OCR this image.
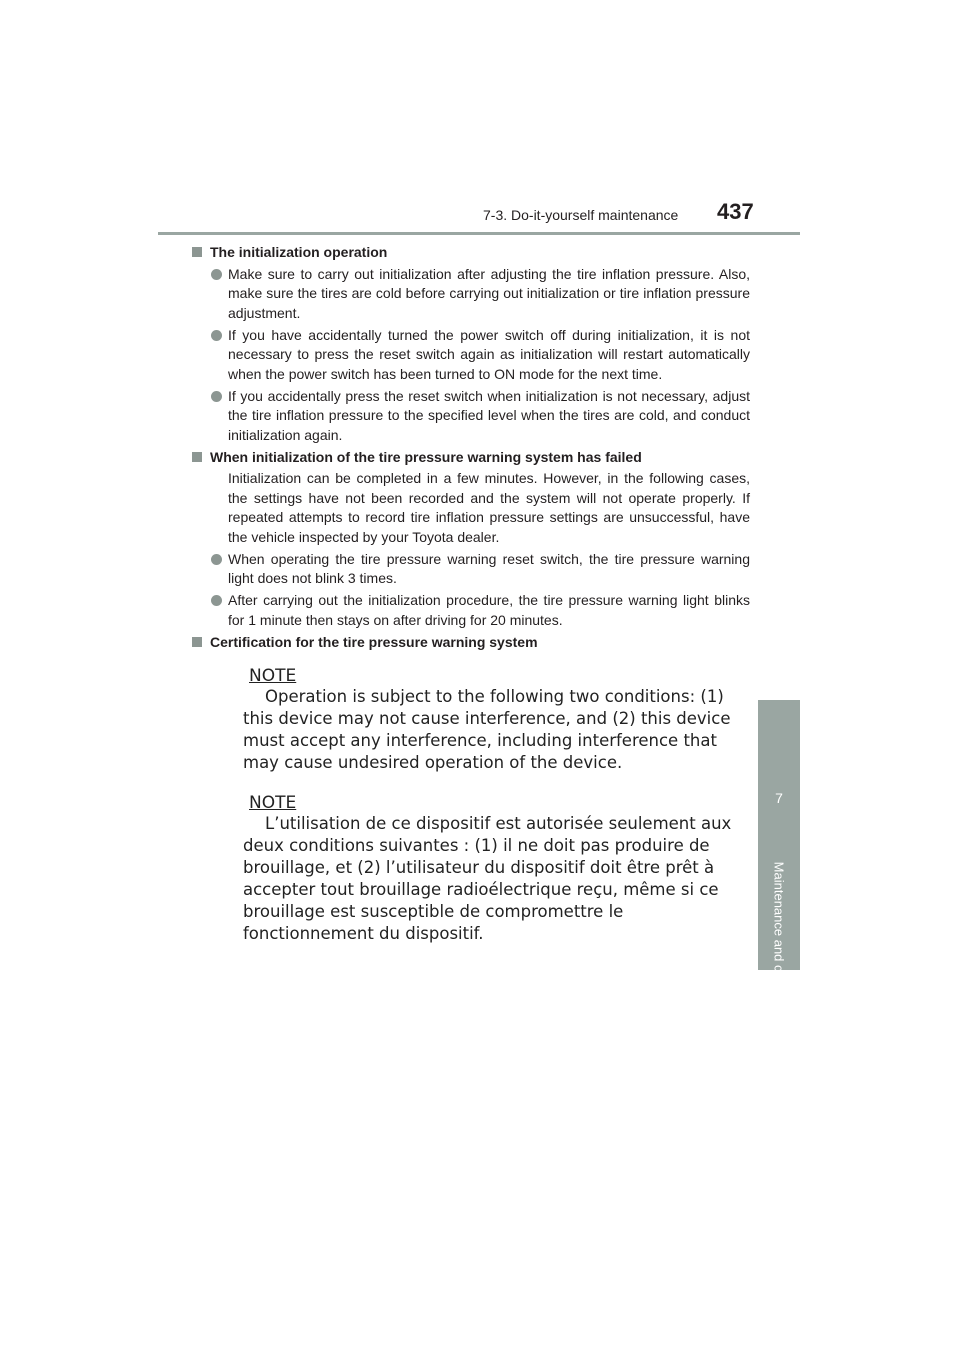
7-3. Do-it-yourself maintenance 437
7
Maintenance and care
The initialization operation
Make sure to carry out initialization after adjusting the tire inflation pressure. Also, make sure the tires are cold before carrying out initialization or tire inflation pressure adjustment.
If you have accidentally turned the power switch off during initialization, it is not necessary to press the reset switch again as initialization will restart automatically when the power switch has been turned to ON mode for the next time.
If you accidentally press the reset switch when initialization is not necessary, adjust the tire inflation pressure to the specified level when the tires are cold, and conduct initialization again.
When initialization of the tire pressure warning system has failed
Initialization can be completed in a few minutes. However, in the following cases, the settings have not been recorded and the system will not operate properly. If repeated attempts to record tire inflation pressure settings are unsuccessful, have the vehicle inspected by your Toyota dealer.
When operating the tire pressure warning reset switch, the tire pressure warning light does not blink 3 times.
After carrying out the initialization procedure, the tire pressure warning light blinks for 1 minute then stays on after driving for 20 minutes.
Certification for the tire pressure warning system
NOTE
Operation is subject to the following two conditions: (1)
this device may not cause interference, and (2) this device
must accept any interference, including interference that
may cause undesired operation of the device.
NOTE
L’utilisation de ce dispositif est autorisée seulement aux
deux conditions suivantes : (1) il ne doit pas produire de
brouillage, et (2) l’utilisateur du dispositif doit être prêt à
accepter tout brouillage radioélectrique reçu, même si ce
brouillage est susceptible de compromettre le
fonctionnement du dispositif.
